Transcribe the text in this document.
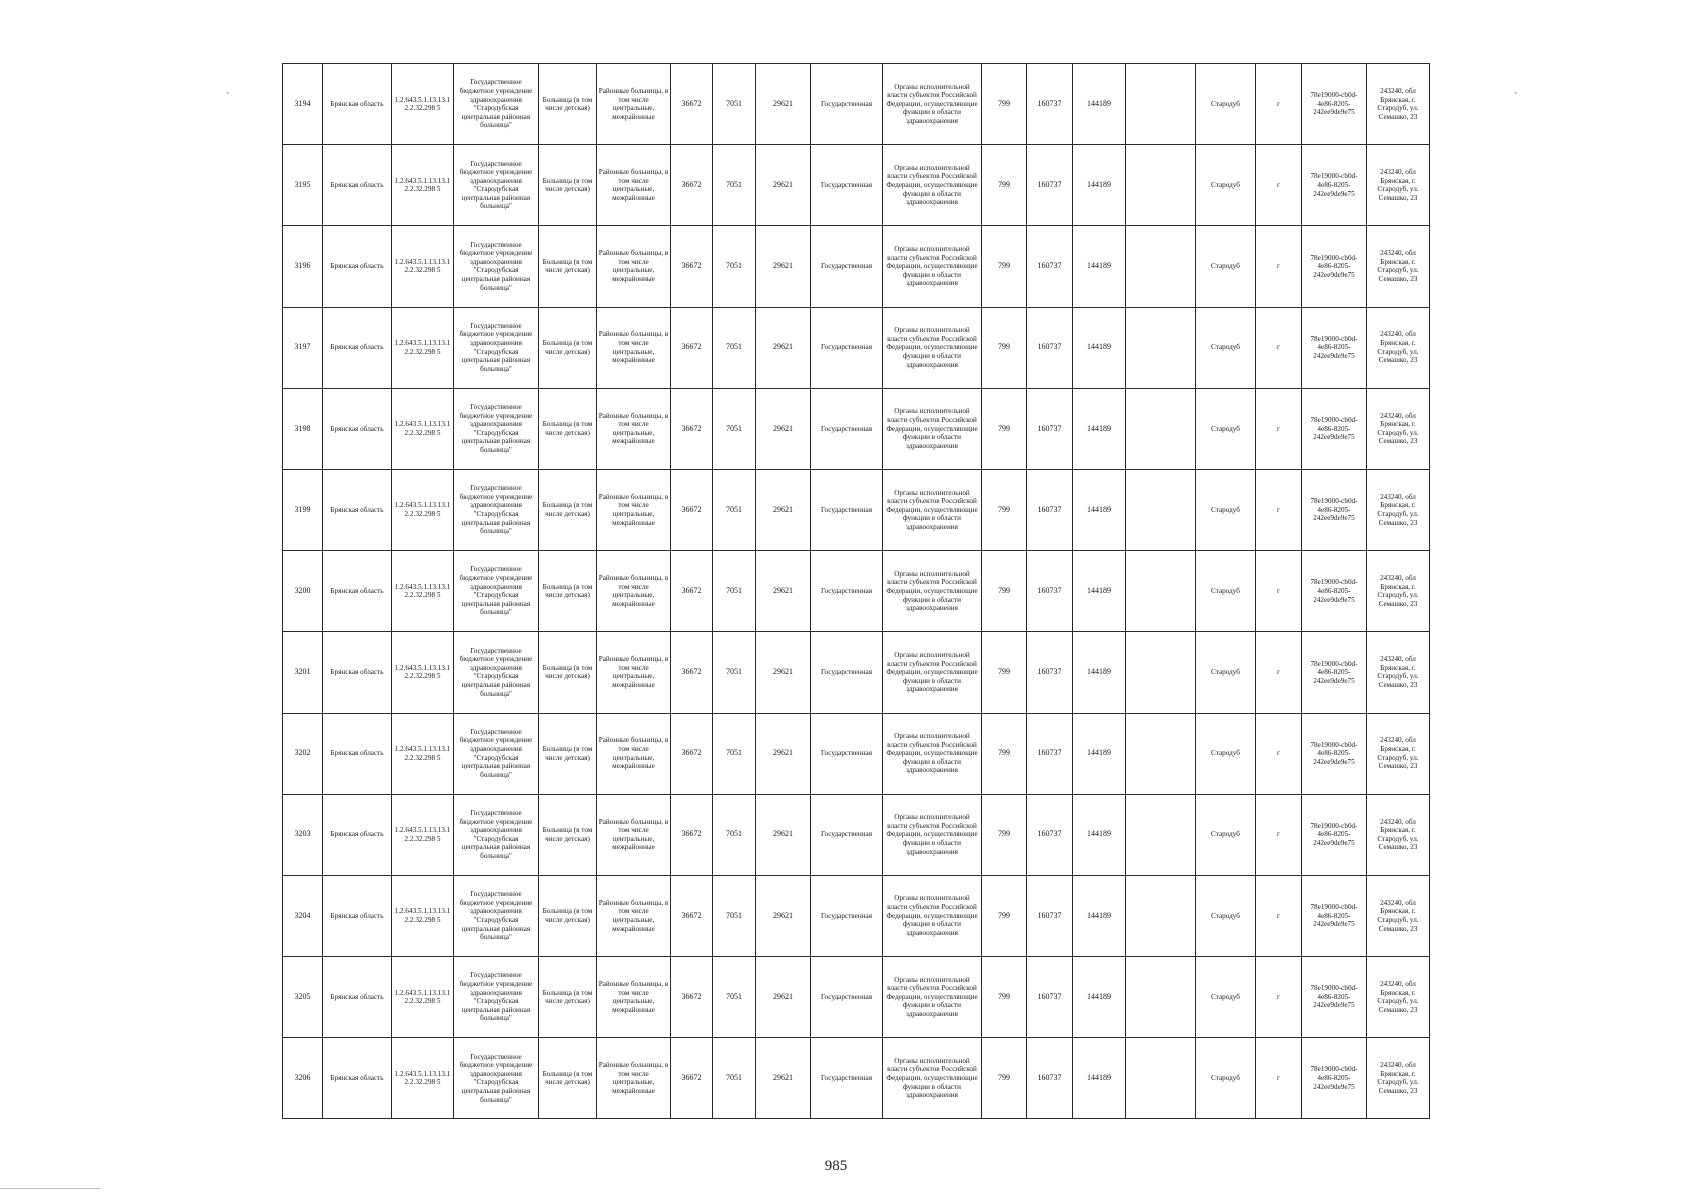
`	`
3194	Брянская область	1.2.643.5.1.13.13.12.2.32.298 5	Государственное бюджетное учреждение здравоохранения "Стародубская центральная районная больница"	Больница (в том числе детская)	Районные больницы, в том числе центральные, межрайонные	36672	7051	29621	Государственная	Органы исполнительной власти субъектов Российской Федерации, осуществляющие функции в области здравоохранения	799	160737	144189		Стародуб	г	78e19000-cb0d-4e86-8205-242ee9de9e75	243240, обл Брянская, г. Стародуб, ул. Семашко, 23
3195	Брянская область	1.2.643.5.1.13.13.12.2.32.298 5	Государственное бюджетное учреждение здравоохранения "Стародубская центральная районная больница"	Больница (в том числе детская)	Районные больницы, в том числе центральные, межрайонные	36672	7051	29621	Государственная	Органы исполнительной власти субъектов Российской Федерации, осуществляющие функции в области здравоохранения	799	160737	144189		Стародуб	г	78e19000-cb0d-4e86-8205-242ee9de9e75	243240, обл Брянская, г. Стародуб, ул. Семашко, 23
3196	Брянская область	1.2.643.5.1.13.13.12.2.32.298 5	Государственное бюджетное учреждение здравоохранения "Стародубская центральная районная больница"	Больница (в том числе детская)	Районные больницы, в том числе центральные, межрайонные	36672	7051	29621	Государственная	Органы исполнительной власти субъектов Российской Федерации, осуществляющие функции в области здравоохранения	799	160737	144189		Стародуб	г	78e19000-cb0d-4e86-8205-242ee9de9e75	243240, обл Брянская, г. Стародуб, ул. Семашко, 23
3197	Брянская область	1.2.643.5.1.13.13.12.2.32.298 5	Государственное бюджетное учреждение здравоохранения "Стародубская центральная районная больница"	Больница (в том числе детская)	Районные больницы, в том числе центральные, межрайонные	36672	7051	29621	Государственная	Органы исполнительной власти субъектов Российской Федерации, осуществляющие функции в области здравоохранения	799	160737	144189		Стародуб	г	78e19000-cb0d-4e86-8205-242ee9de9e75	243240, обл Брянская, г. Стародуб, ул. Семашко, 23
3198	Брянская область	1.2.643.5.1.13.13.12.2.32.298 5	Государственное бюджетное учреждение здравоохранения "Стародубская центральная районная больница"	Больница (в том числе детская)	Районные больницы, в том числе центральные, межрайонные	36672	7051	29621	Государственная	Органы исполнительной власти субъектов Российской Федерации, осуществляющие функции в области здравоохранения	799	160737	144189		Стародуб	г	78e19000-cb0d-4e86-8205-242ee9de9e75	243240, обл Брянская, г. Стародуб, ул. Семашко, 23
3199	Брянская область	1.2.643.5.1.13.13.12.2.32.298 5	Государственное бюджетное учреждение здравоохранения "Стародубская центральная районная больница"	Больница (в том числе детская)	Районные больницы, в том числе центральные, межрайонные	36672	7051	29621	Государственная	Органы исполнительной власти субъектов Российской Федерации, осуществляющие функции в области здравоохранения	799	160737	144189		Стародуб	г	78e19000-cb0d-4e86-8205-242ee9de9e75	243240, обл Брянская, г. Стародуб, ул. Семашко, 23
3200	Брянская область	1.2.643.5.1.13.13.12.2.32.298 5	Государственное бюджетное учреждение здравоохранения "Стародубская центральная районная больница"	Больница (в том числе детская)	Районные больницы, в том числе центральные, межрайонные	36672	7051	29621	Государственная	Органы исполнительной власти субъектов Российской Федерации, осуществляющие функции в области здравоохранения	799	160737	144189		Стародуб	г	78e19000-cb0d-4e86-8205-242ee9de9e75	243240, обл Брянская, г. Стародуб, ул. Семашко, 23
3201	Брянская область	1.2.643.5.1.13.13.12.2.32.298 5	Государственное бюджетное учреждение здравоохранения "Стародубская центральная районная больница"	Больница (в том числе детская)	Районные больницы, в том числе центральные, межрайонные	36672	7051	29621	Государственная	Органы исполнительной власти субъектов Российской Федерации, осуществляющие функции в области здравоохранения	799	160737	144189		Стародуб	г	78e19000-cb0d-4e86-8205-242ee9de9e75	243240, обл Брянская, г. Стародуб, ул. Семашко, 23
3202	Брянская область	1.2.643.5.1.13.13.12.2.32.298 5	Государственное бюджетное учреждение здравоохранения "Стародубская центральная районная больница"	Больница (в том числе детская)	Районные больницы, в том числе центральные, межрайонные	36672	7051	29621	Государственная	Органы исполнительной власти субъектов Российской Федерации, осуществляющие функции в области здравоохранения	799	160737	144189		Стародуб	г	78e19000-cb0d-4e86-8205-242ee9de9e75	243240, обл Брянская, г. Стародуб, ул. Семашко, 23
3203	Брянская область	1.2.643.5.1.13.13.12.2.32.298 5	Государственное бюджетное учреждение здравоохранения "Стародубская центральная районная больница"	Больница (в том числе детская)	Районные больницы, в том числе центральные, межрайонные	36672	7051	29621	Государственная	Органы исполнительной власти субъектов Российской Федерации, осуществляющие функции в области здравоохранения	799	160737	144189		Стародуб	г	78e19000-cb0d-4e86-8205-242ee9de9e75	243240, обл Брянская, г. Стародуб, ул. Семашко, 23
3204	Брянская область	1.2.643.5.1.13.13.12.2.32.298 5	Государственное бюджетное учреждение здравоохранения "Стародубская центральная районная больница"	Больница (в том числе детская)	Районные больницы, в том числе центральные, межрайонные	36672	7051	29621	Государственная	Органы исполнительной власти субъектов Российской Федерации, осуществляющие функции в области здравоохранения	799	160737	144189		Стародуб	г	78e19000-cb0d-4e86-8205-242ee9de9e75	243240, обл Брянская, г. Стародуб, ул. Семашко, 23
3205	Брянская область	1.2.643.5.1.13.13.12.2.32.298 5	Государственное бюджетное учреждение здравоохранения "Стародубская центральная районная больница"	Больница (в том числе детская)	Районные больницы, в том числе центральные, межрайонные	36672	7051	29621	Государственная	Органы исполнительной власти субъектов Российской Федерации, осуществляющие функции в области здравоохранения	799	160737	144189		Стародуб	г	78e19000-cb0d-4e86-8205-242ee9de9e75	243240, обл Брянская, г. Стародуб, ул. Семашко, 23
3206	Брянская область	1.2.643.5.1.13.13.12.2.32.298 5	Государственное бюджетное учреждение здравоохранения "Стародубская центральная районная больница"	Больница (в том числе детская)	Районные больницы, в том числе центральные, межрайонные	36672	7051	29621	Государственная	Органы исполнительной власти субъектов Российской Федерации, осуществляющие функции в области здравоохранения	799	160737	144189		Стародуб	г	78e19000-cb0d-4e86-8205-242ee9de9e75	243240, обл Брянская, г. Стародуб, ул. Семашко, 23
985
